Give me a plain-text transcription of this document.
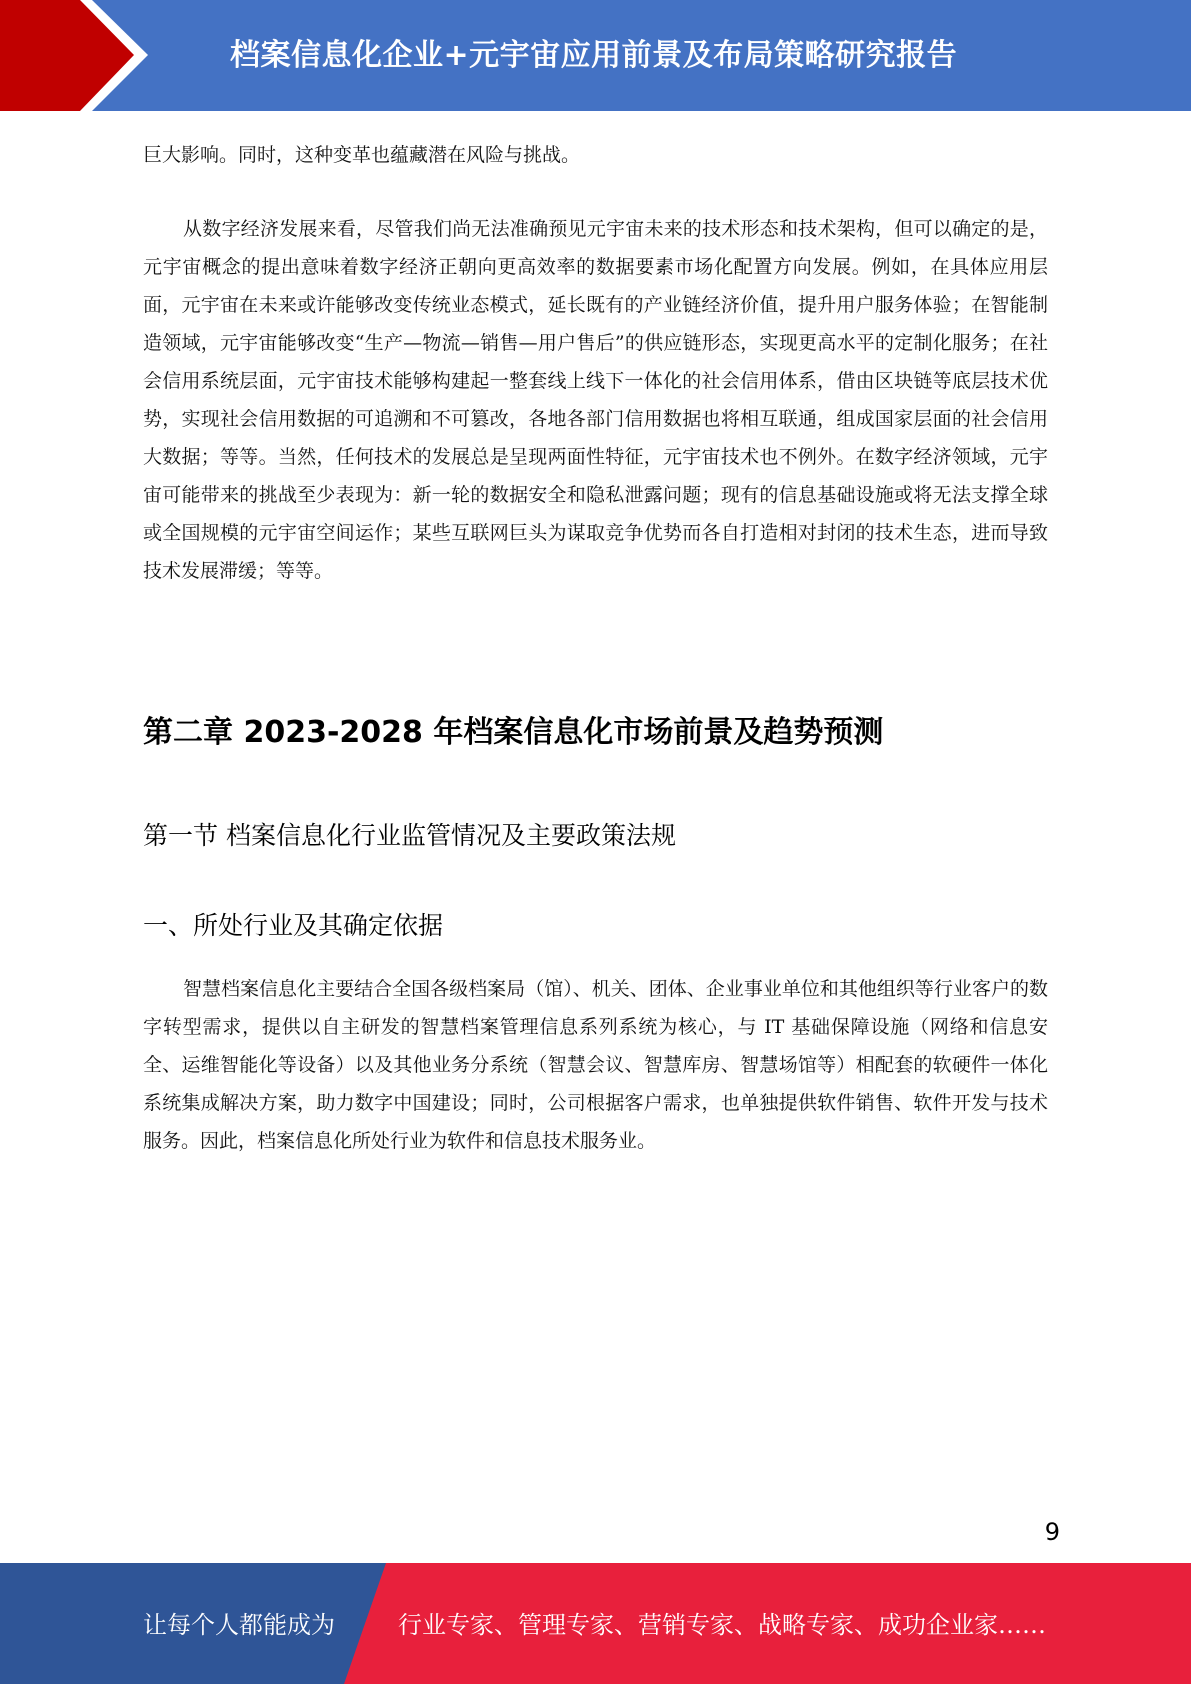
档案信息化企业+元宇宙应用前景及布局策略研究报告

巨大影响。同时，这种变革也蕴藏潜在风险与挑战。

从数字经济发展来看，尽管我们尚无法准确预见元宇宙未来的技术形态和技术架构，但可以确定的是，元宇宙概念的提出意味着数字经济正朝向更高效率的数据要素市场化配置方向发展。例如，在具体应用层面，元宇宙在未来或许能够改变传统业态模式，延长既有的产业链经济价值，提升用户服务体验；在智能制造领域，元宇宙能够改变“生产—物流—销售—用户售后”的供应链形态，实现更高水平的定制化服务；在社会信用系统层面，元宇宙技术能够构建起一整套线上线下一体化的社会信用体系，借由区块链等底层技术优势，实现社会信用数据的可追溯和不可篡改，各地各部门信用数据也将相互联通，组成国家层面的社会信用大数据；等等。当然，任何技术的发展总是呈现两面性特征，元宇宙技术也不例外。在数字经济领域，元宇宙可能带来的挑战至少表现为：新一轮的数据安全和隐私泄露问题；现有的信息基础设施或将无法支撑全球或全国规模的元宇宙空间运作；某些互联网巨头为谋取竞争优势而各自打造相对封闭的技术生态，进而导致技术发展滞缓；等等。

第二章 2023-2028 年档案信息化市场前景及趋势预测
第一节 档案信息化行业监管情况及主要政策法规
一、所处行业及其确定依据

智慧档案信息化主要结合全国各级档案局（馆）、机关、团体、企业事业单位和其他组织等行业客户的数字转型需求，提供以自主研发的智慧档案管理信息系列系统为核心，与 IT 基础保障设施（网络和信息安全、运维智能化等设备）以及其他业务分系统（智慧会议、智慧库房、智慧场馆等）相配套的软硬件一体化系统集成解决方案，助力数字中国建设；同时，公司根据客户需求，也单独提供软件销售、软件开发与技术服务。因此，档案信息化所处行业为软件和信息技术服务业。

9
让每个人都能成为	行业专家、管理专家、营销专家、战略专家、成功企业家……
